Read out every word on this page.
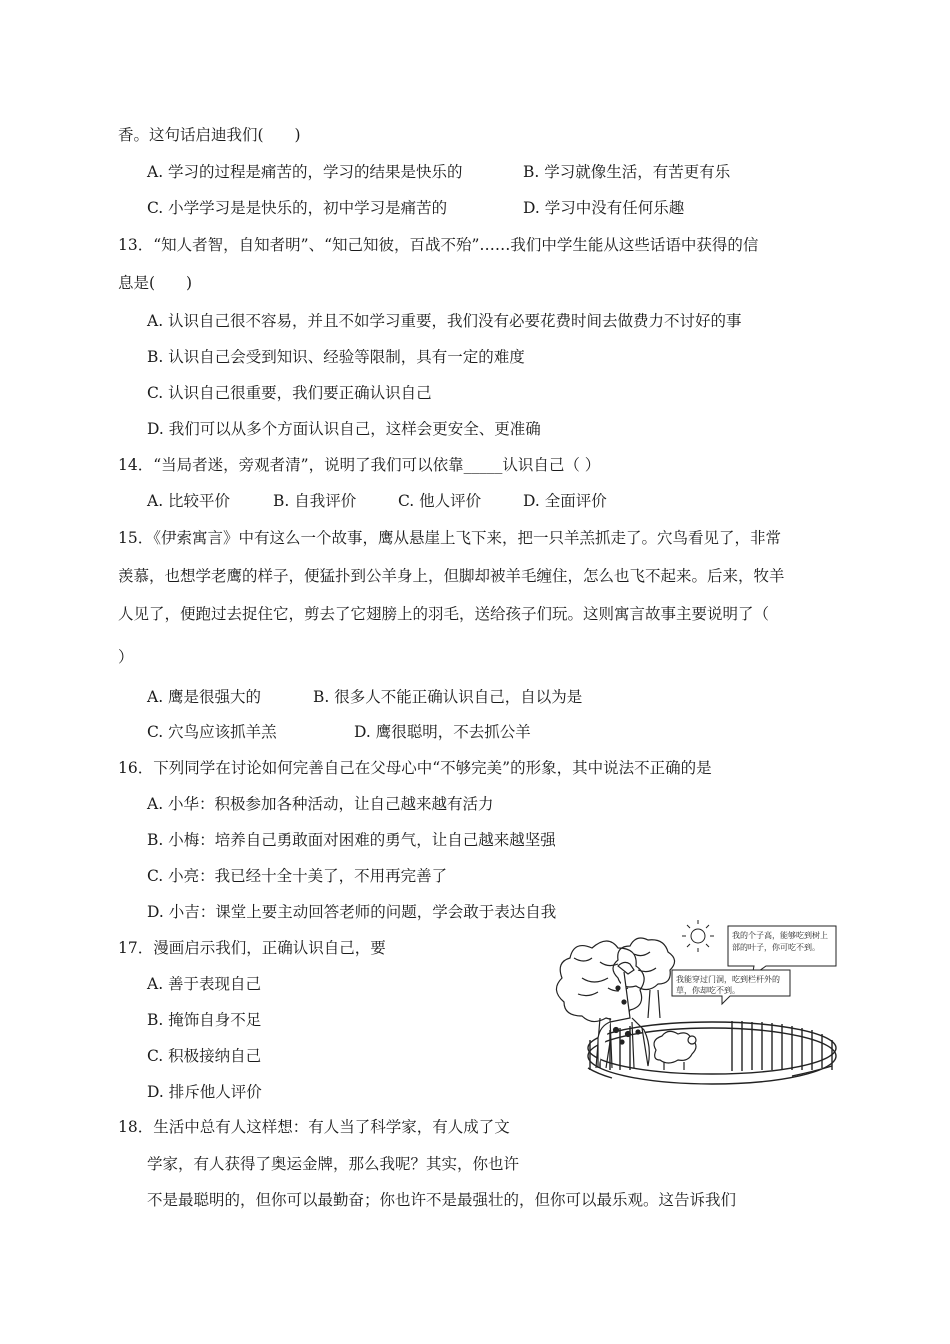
香。这句话启迪我们(　　)
A. 学习的过程是痛苦的，学习的结果是快乐的	B. 学习就像生活，有苦更有乐
C. 小学学习是是快乐的，初中学习是痛苦的	D. 学习中没有任何乐趣
13．“知人者智，自知者明”、“知己知彼，百战不殆”……我们中学生能从这些话语中获得的信
息是(　　)
A. 认识自己很不容易，并且不如学习重要，我们没有必要花费时间去做费力不讨好的事
B. 认识自己会受到知识、经验等限制，具有一定的难度
C. 认识自己很重要，我们要正确认识自己
D. 我们可以从多个方面认识自己，这样会更安全、更准确
14．“当局者迷，旁观者清”，说明了我们可以依靠_____认识自己（ ）
A. 比较平价	B. 自我评价	C. 他人评价	D. 全面评价
15．《伊索寓言》中有这么一个故事，鹰从悬崖上飞下来，把一只羊羔抓走了。穴鸟看见了，非常
羡慕，也想学老鹰的样子，便猛扑到公羊身上，但脚却被羊毛缠住，怎么也飞不起来。后来，牧羊
人见了，便跑过去捉住它，剪去了它翅膀上的羽毛，送给孩子们玩。这则寓言故事主要说明了（
）
A. 鹰是很强大的	B. 很多人不能正确认识自己，自以为是
C. 穴鸟应该抓羊羔	D. 鹰很聪明，不去抓公羊
16．下列同学在讨论如何完善自己在父母心中“不够完美”的形象，其中说法不正确的是
A. 小华：积极参加各种活动，让自己越来越有活力
B. 小梅：培养自己勇敢面对困难的勇气，让自己越来越坚强
C. 小亮：我已经十全十美了，不用再完善了
D. 小吉：课堂上要主动回答老师的问题，学会敢于表达自我
17．漫画启示我们，正确认识自己，要
A. 善于表现自己
B. 掩饰自身不足
C. 积极接纳自己
D. 排斥他人评价
我的个子高，能够吃到树上 部的叶子，你可吃不到。
我能穿过门洞，吃到栏杆外的 草，你却吃不到。
18．生活中总有人这样想：有人当了科学家，有人成了文
学家，有人获得了奥运金牌，那么我呢？其实，你也许
不是最聪明的，但你可以最勤奋；你也许不是最强壮的，但你可以最乐观。这告诉我们
